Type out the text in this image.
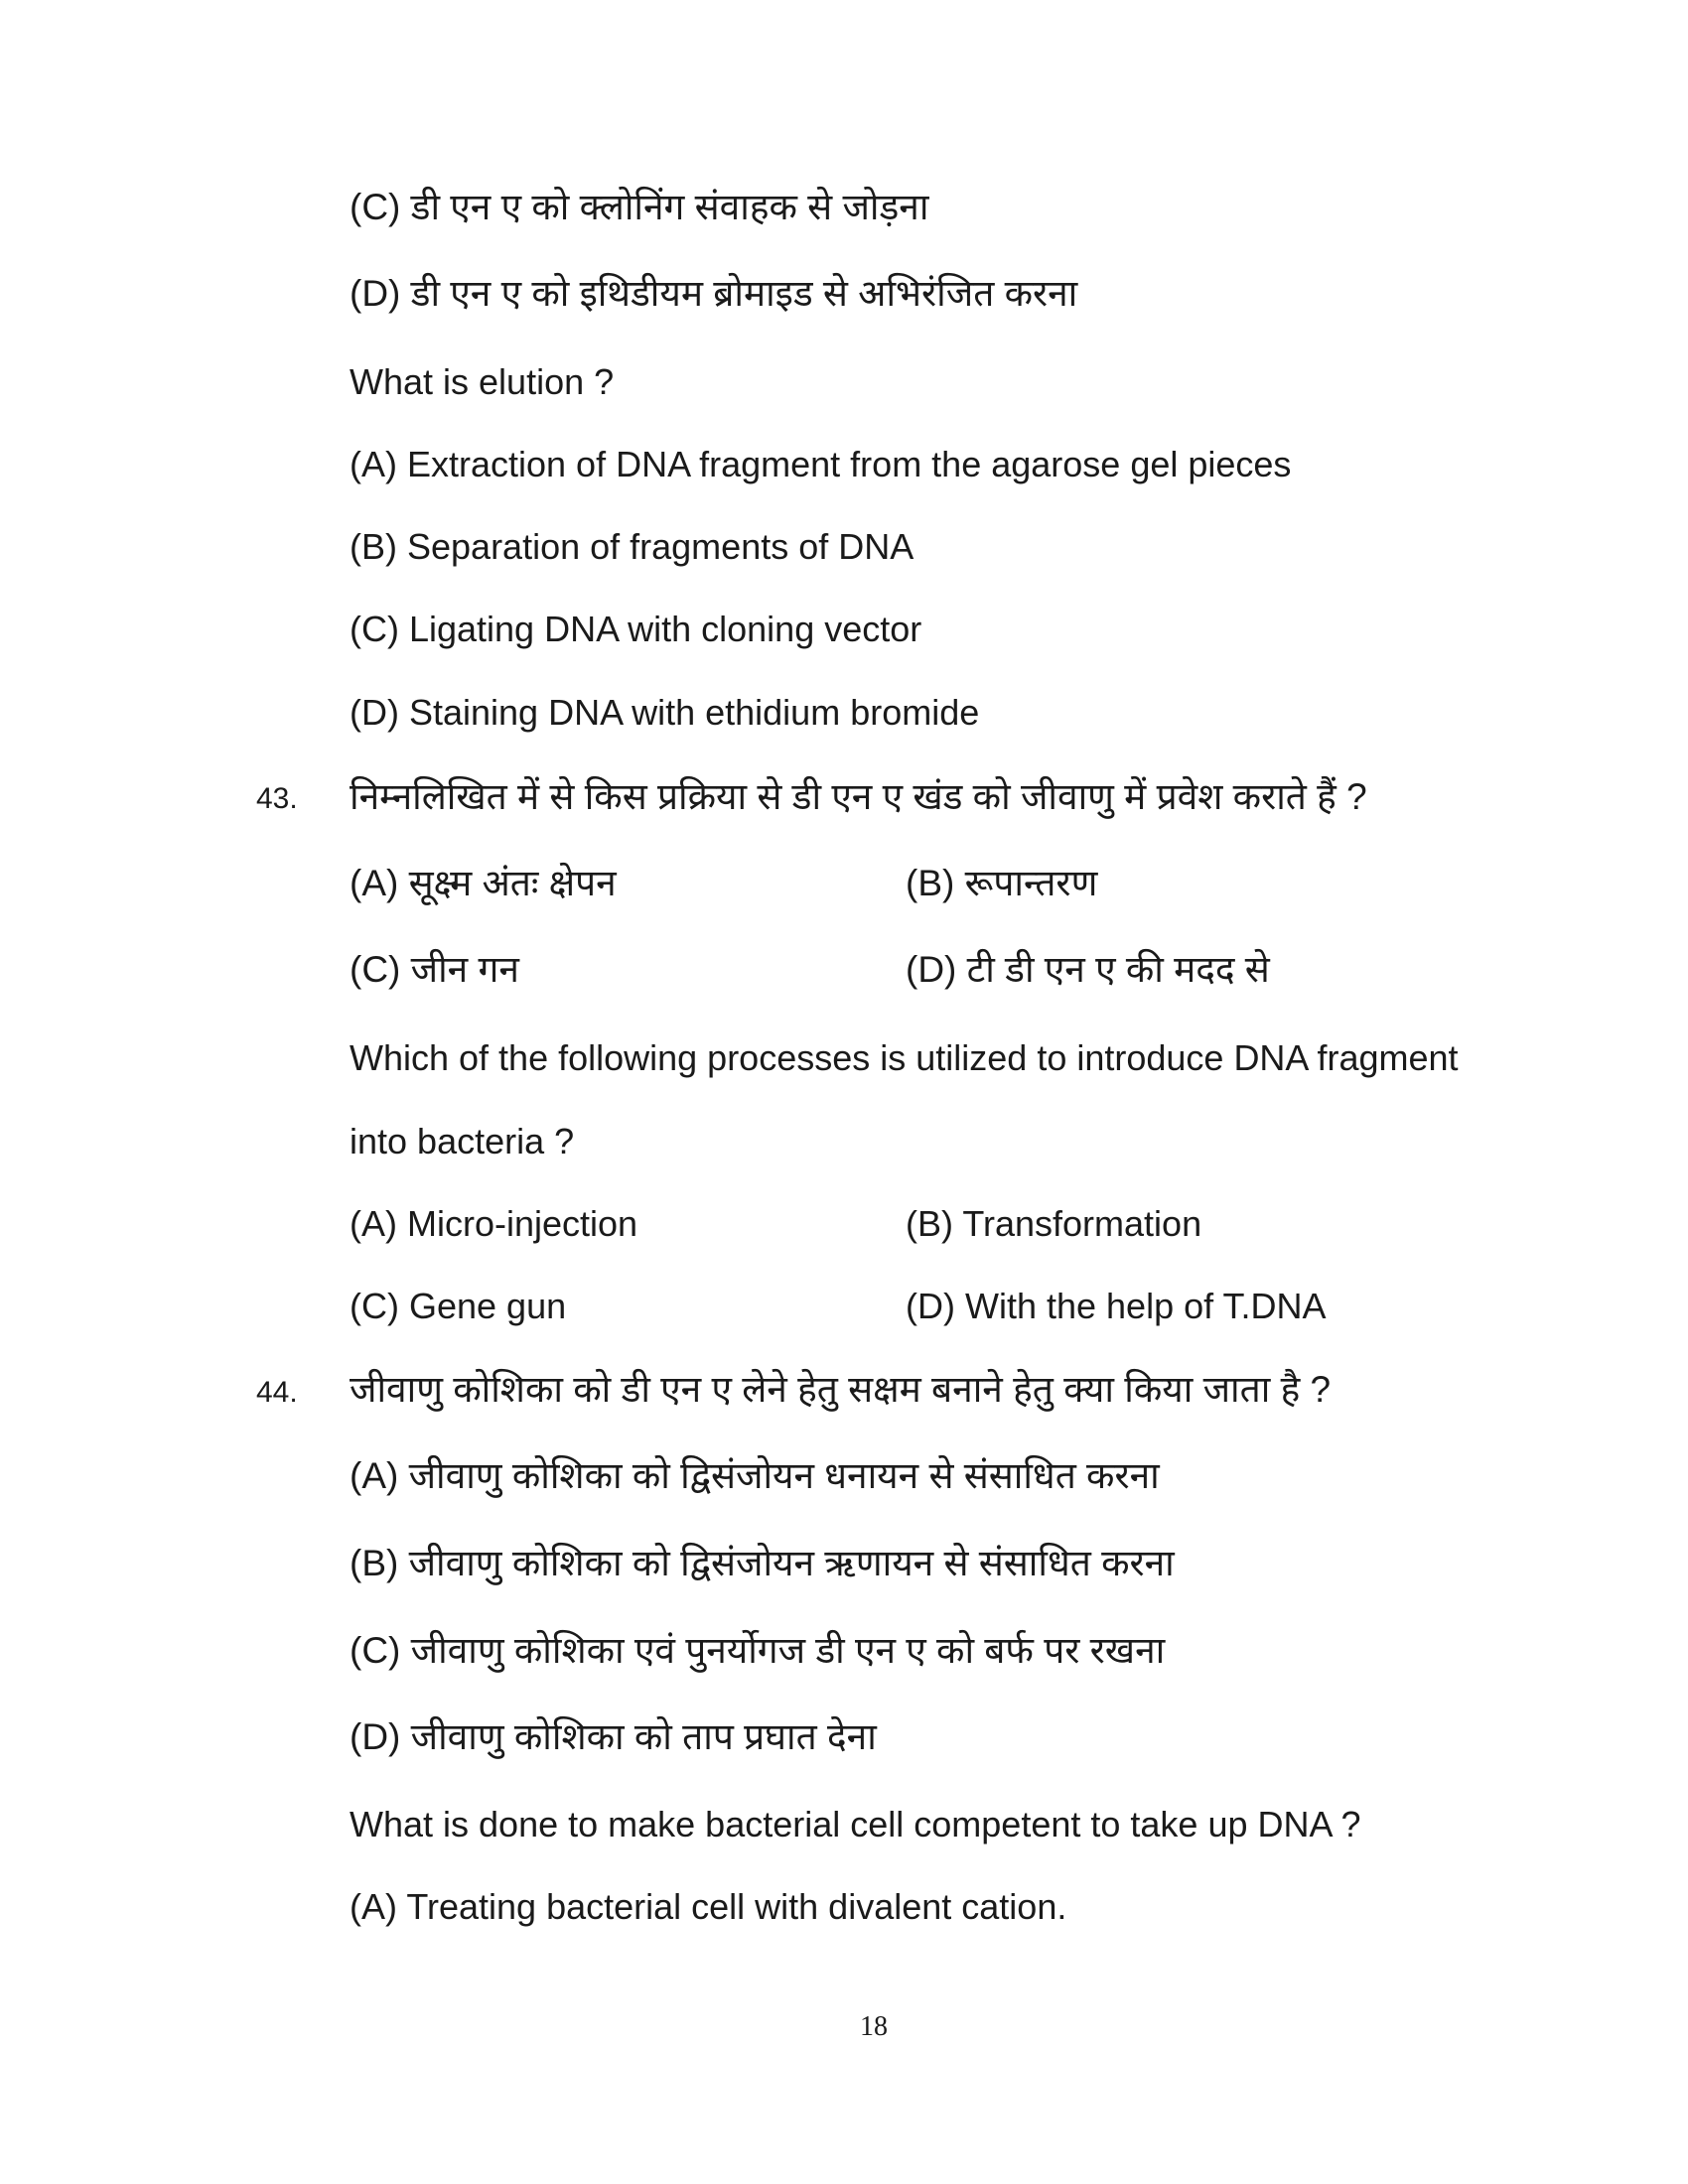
(C) डी एन ए को क्लोनिंग संवाहक से जोड़ना
(D) डी एन ए को इथिडीयम ब्रोमाइड से अभिरंजित करना
What is elution ?
(A) Extraction of DNA fragment from the agarose gel pieces
(B) Separation of fragments of DNA
(C) Ligating DNA with cloning vector
(D) Staining DNA with ethidium bromide
43. निम्नलिखित में से किस प्रक्रिया से डी एन ए खंड को जीवाणु में प्रवेश कराते हैं ?
(A) सूक्ष्म अंतः क्षेपन	(B) रूपान्तरण
(C) जीन गन	(D) टी डी एन ए की मदद से
Which of the following processes is utilized to introduce DNA fragment
into bacteria ?
(A) Micro-injection	(B) Transformation
(C) Gene gun	(D) With the help of T.DNA
44. जीवाणु कोशिका को डी एन ए लेने हेतु सक्षम बनाने हेतु क्या किया जाता है ?
(A) जीवाणु कोशिका को द्विसंजोयन धनायन से संसाधित करना
(B) जीवाणु कोशिका को द्विसंजोयन ऋणायन से संसाधित करना
(C) जीवाणु कोशिका एवं पुनर्योगज डी एन ए को बर्फ पर रखना
(D) जीवाणु कोशिका को ताप प्रघात देना
What is done to make bacterial cell competent to take up DNA ?
(A) Treating bacterial cell with divalent cation.
18
